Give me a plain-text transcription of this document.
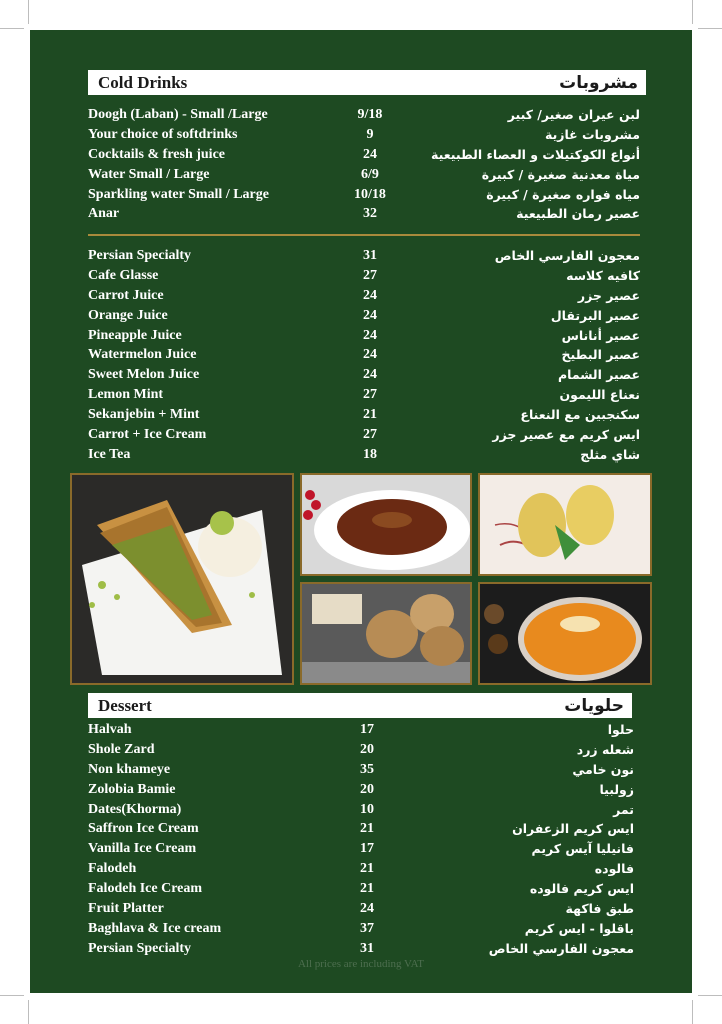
Cold Drinks	مشروبات
Doogh (Laban) - Small /Large	9/18	لبن عيران صغير/ كبير
Your choice of softdrinks	9	مشروبات غازية
Cocktails & fresh juice	24	أنواع الكوكتيلات و العصاء الطبيعية
Water Small / Large	6/9	مياة معدنية صغيرة / كبيرة
Sparkling water Small / Large	10/18	مياه فواره صغيرة / كبيرة
Anar	32	عصير رمان الطبيعية
Persian Specialty	31	معجون الفارسي الخاص
Cafe Glasse	27	كافيه كلاسه
Carrot Juice	24	عصير جزر
Orange Juice	24	عصير البرتقال
Pineapple Juice	24	عصير أناناس
Watermelon Juice	24	عصير البطيخ
Sweet Melon Juice	24	عصير الشمام
Lemon Mint	27	نعناع الليمون
Sekanjebin + Mint	21	سكنجبين مع النعناع
Carrot + Ice Cream	27	ايس كريم مع عصير جزر
Ice Tea	18	شاي مثلج
Dessert	حلويات
Halvah	17	حلوا
Shole Zard	20	شعله زرد
Non khameye	35	نون خامي
Zolobia Bamie	20	زولبيا
Dates(Khorma)	10	تمر
Saffron Ice Cream	21	ايس كريم الزعفران
Vanilla Ice Cream	17	فانيليا آيس كريم
Falodeh	21	فالوده
Falodeh Ice Cream	21	ايس كريم فالوده
Fruit Platter	24	طبق فاكهة
Baghlava & Ice cream	37	باقلوا - ايس كريم
Persian Specialty	31	معجون الفارسي الخاص
All prices are including VAT
